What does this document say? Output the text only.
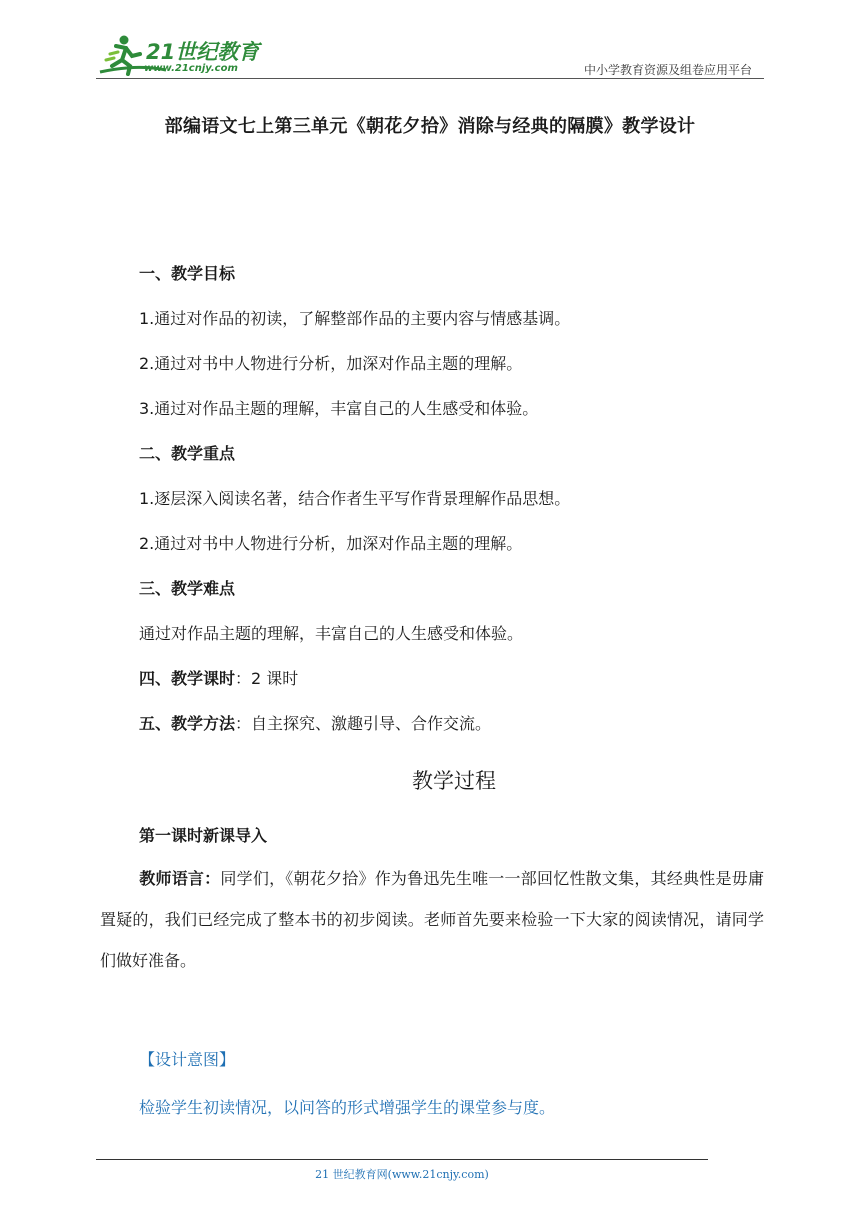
21世纪教育
www.21cnjy.com	中小学教育资源及组卷应用平台
部编语文七上第三单元《朝花夕拾》消除与经典的隔膜》教学设计
一、教学目标
1.通过对作品的初读，了解整部作品的主要内容与情感基调。
2.通过对书中人物进行分析，加深对作品主题的理解。
3.通过对作品主题的理解，丰富自己的人生感受和体验。
二、教学重点
1.逐层深入阅读名著，结合作者生平写作背景理解作品思想。
2.通过对书中人物进行分析，加深对作品主题的理解。
三、教学难点
通过对作品主题的理解，丰富自己的人生感受和体验。
四、教学课时：2 课时
五、教学方法：自主探究、激趣引导、合作交流。
教学过程
第一课时新课导入
教师语言：同学们，《朝花夕拾》作为鲁迅先生唯一一部回忆性散文集，其经典性是毋庸置疑的，我们已经完成了整本书的初步阅读。老师首先要来检验一下大家的阅读情况，请同学们做好准备。
【设计意图】
检验学生初读情况，以问答的形式增强学生的课堂参与度。
21 世纪教育网(www.21cnjy.com)
